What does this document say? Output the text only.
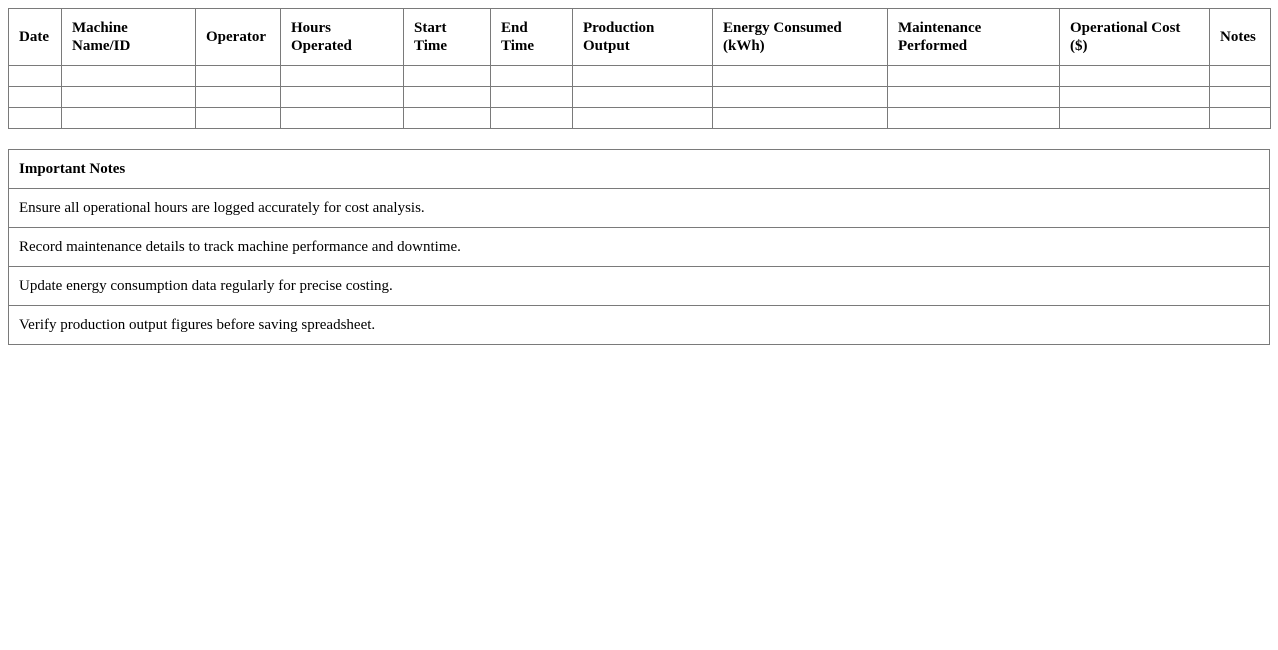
Date	Machine Name/ID	Operator	Hours Operated	Start Time	End Time	Production Output	Energy Consumed (kWh)	Maintenance Performed	Operational Cost ($)	Notes

Important Notes
Ensure all operational hours are logged accurately for cost analysis.
Record maintenance details to track machine performance and downtime.
Update energy consumption data regularly for precise costing.
Verify production output figures before saving spreadsheet.
